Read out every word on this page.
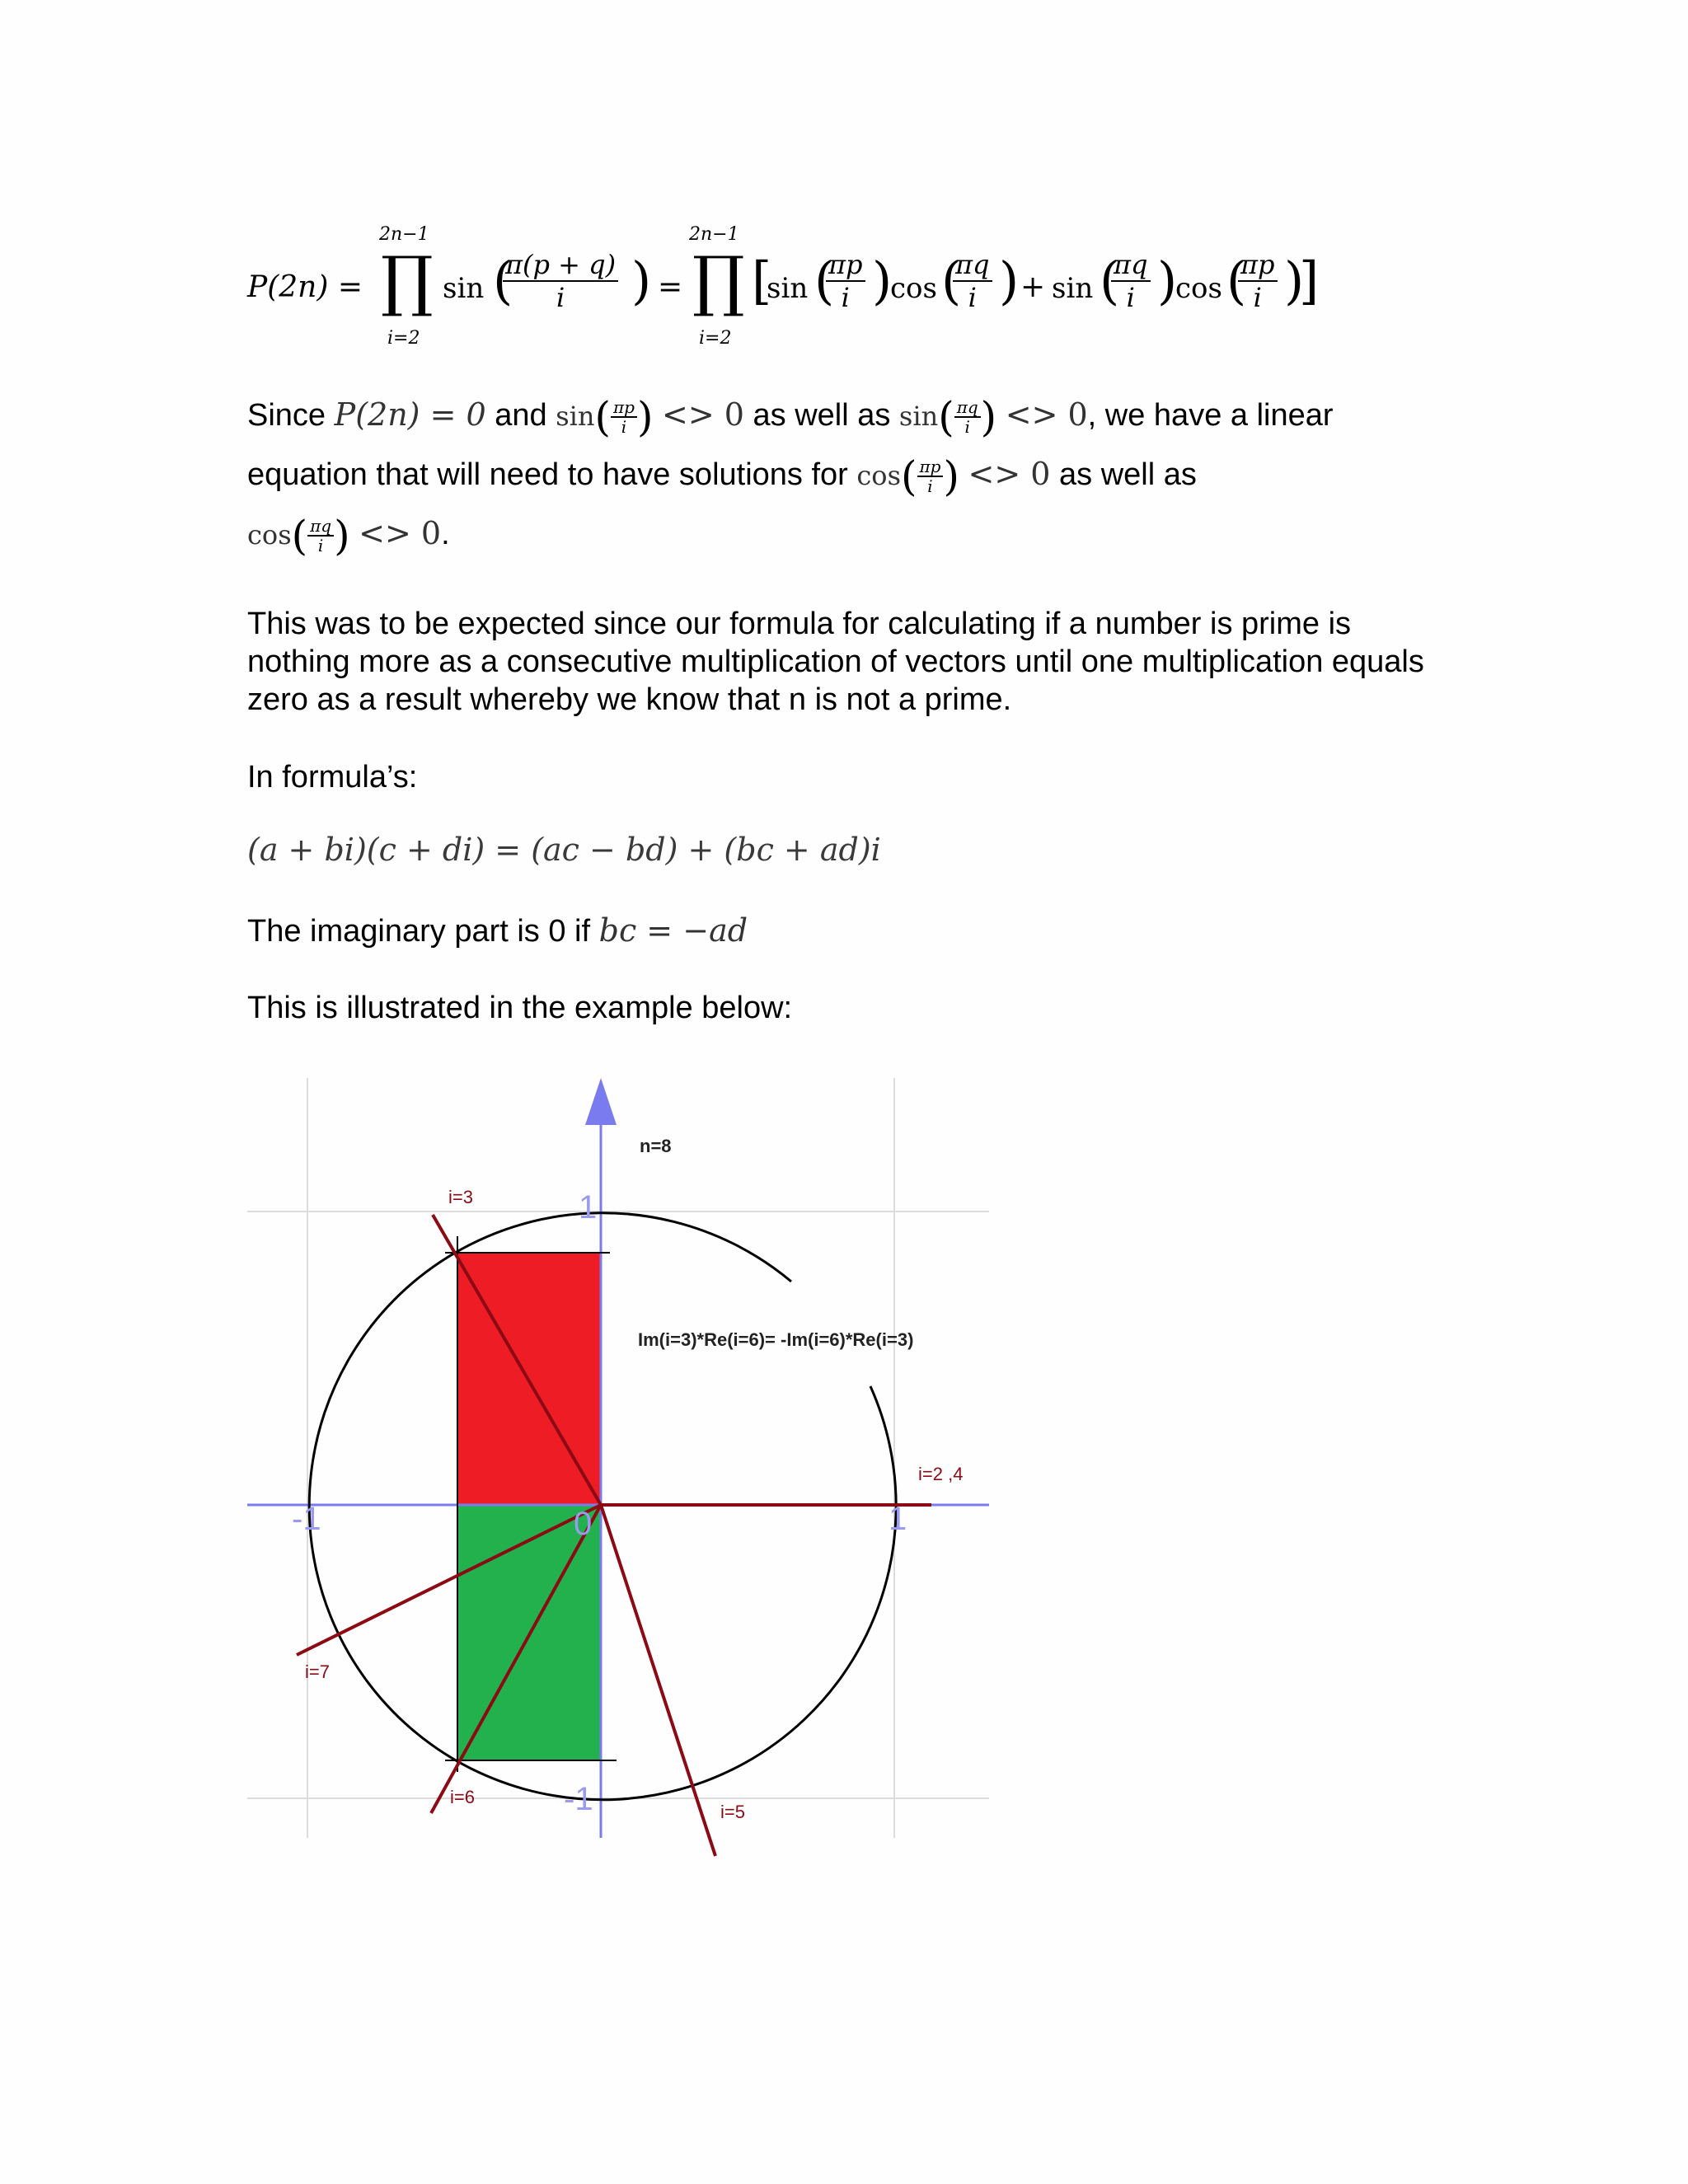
P(2n) =
2n−1
∏
i=2
sin (
$\frac{\pi(p + q)}{i}$ ) =
2n−1
∏
i=2
[
sin (
$\frac{\pi p}{i}$ )
cos (
$\frac{\pi q}{i}$ ) + sin (
$\frac{\pi q}{i}$ )
cos (
$\frac{\pi p}{i}$ )
]
Since P(2n) = 0 and $\sin( \frac{\pi p}{i}$ ) <> 0 as well as $\sin( \frac{\pi q}{i}$ ) <> 0, we have a linear
equation that will need to have solutions for $\cos( \frac{\pi p}{i}$ ) <> 0 as well as
$\cos( \frac{\pi q}{i}$ ) <> 0.
This was to be expected since our formula for calculating if a number is prime is nothing more as a consecutive multiplication of vectors until one multiplication equals zero as a result whereby we know that n is not a prime.
In formula’s:
(a + bi)(c + di) = (ac − bd) + (bc + ad)i
The imaginary part is 0 if bc = −ad
This is illustrated in the example below:
n=8
i=3
Im(i=3)*Re(i=6)= -Im(i=6)*Re(i=3)
i=2 ,4
i=7
i=6
i=5
1
-1
-1	1
0
